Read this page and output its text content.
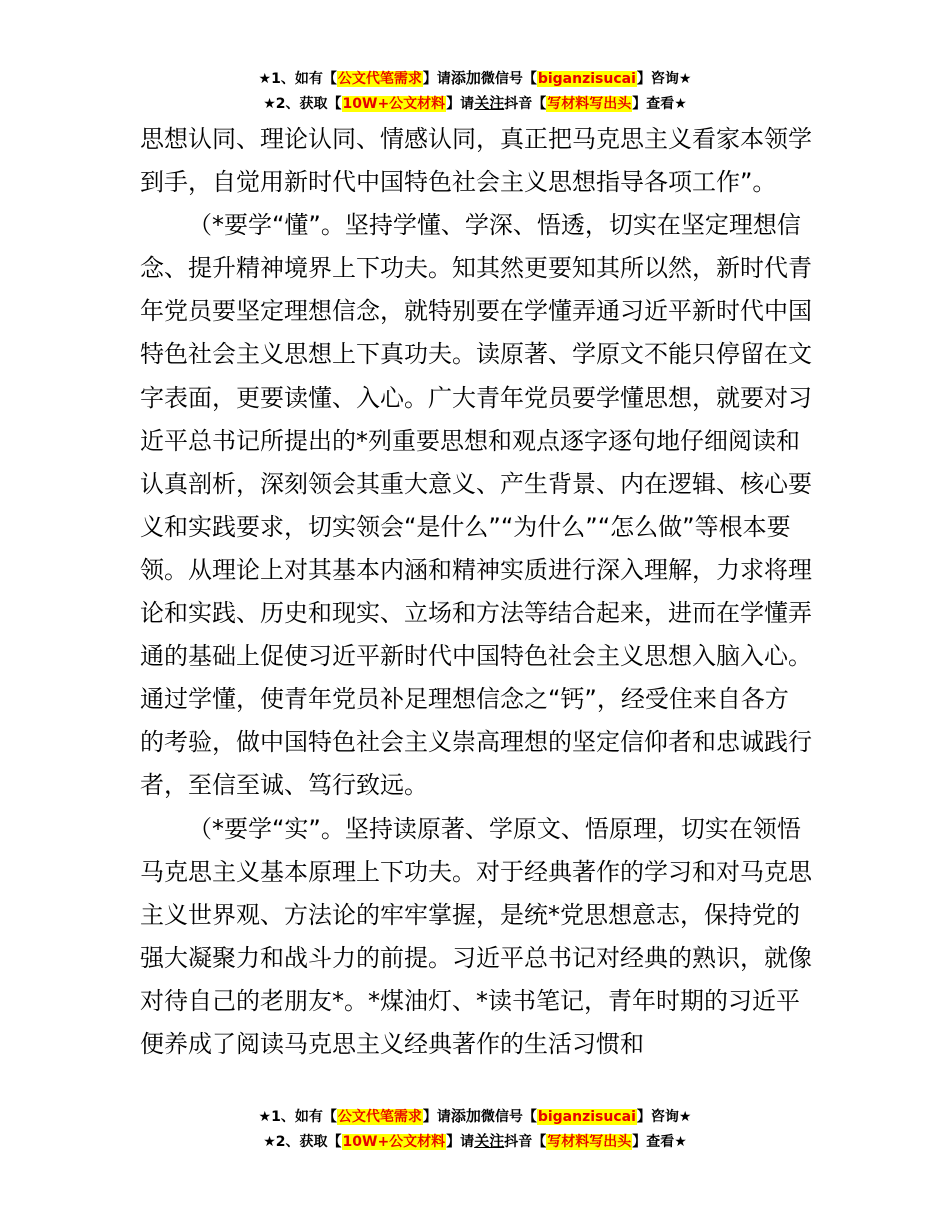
★1、如有【公文代笔需求】请添加微信号【biganzisucai】咨询★
★2、获取【10W+公文材料】请关注抖音【写材料写出头】查看★

思想认同、理论认同、情感认同，真正把马克思主义看家本领学到手，自觉用新时代中国特色社会主义思想指导各项工作”。

（*要学“懂”。坚持学懂、学深、悟透，切实在坚定理想信念、提升精神境界上下功夫。知其然更要知其所以然，新时代青年党员要坚定理想信念，就特别要在学懂弄通习近平新时代中国特色社会主义思想上下真功夫。读原著、学原文不能只停留在文字表面，更要读懂、入心。广大青年党员要学懂思想，就要对习近平总书记所提出的*列重要思想和观点逐字逐句地仔细阅读和认真剖析，深刻领会其重大意义、产生背景、内在逻辑、核心要义和实践要求，切实领会“是什么”“为什么”“怎么做”等根本要领。从理论上对其基本内涵和精神实质进行深入理解，力求将理论和实践、历史和现实、立场和方法等结合起来，进而在学懂弄通的基础上促使习近平新时代中国特色社会主义思想入脑入心。通过学懂，使青年党员补足理想信念之“钙”，经受住来自各方的考验，做中国特色社会主义崇高理想的坚定信仰者和忠诚践行者，至信至诚、笃行致远。

（*要学“实”。坚持读原著、学原文、悟原理，切实在领悟马克思主义基本原理上下功夫。对于经典著作的学习和对马克思主义世界观、方法论的牢牢掌握，是统*党思想意志，保持党的强大凝聚力和战斗力的前提。习近平总书记对经典的熟识，就像对待自己的老朋友*。*煤油灯、*读书笔记，青年时期的习近平便养成了阅读马克思主义经典著作的生活习惯和

★1、如有【公文代笔需求】请添加微信号【biganzisucai】咨询★
★2、获取【10W+公文材料】请关注抖音【写材料写出头】查看★
